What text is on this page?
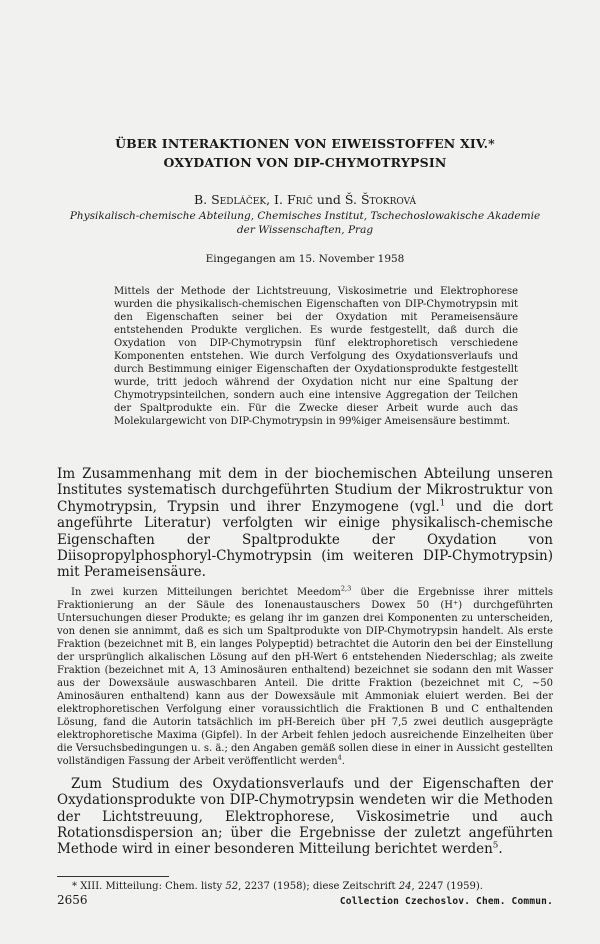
ÜBER INTERAKTIONEN VON EIWEISSTOFFEN XIV.*
OXYDATION VON DIP-CHYMOTRYPSIN
B. Sedláček, I. Frič und Š. Štokrová
Physikalisch-chemische Abteilung, Chemisches Institut, Tschechoslowakische Akademie
der Wissenschaften, Prag
Eingegangen am 15. November 1958
Mittels der Methode der Lichtstreuung, Viskosimetrie und Elektrophorese wurden die physikalisch-chemischen Eigenschaften von DIP-Chymotrypsin mit den Eigenschaften seiner bei der Oxydation mit Perameisensäure entstehenden Produkte verglichen. Es wurde festgestellt, daß durch die Oxydation von DIP-Chymotrypsin fünf elektrophoretisch verschiedene Komponenten entstehen. Wie durch Verfolgung des Oxydationsverlaufs und durch Bestimmung einiger Eigenschaften der Oxydationsprodukte festgestellt wurde, tritt jedoch während der Oxydation nicht nur eine Spaltung der Chymotrypsinteilchen, sondern auch eine intensive Aggregation der Teilchen der Spaltprodukte ein. Für die Zwecke dieser Arbeit wurde auch das Molekulargewicht von DIP-Chymotrypsin in 99%iger Ameisensäure bestimmt.
Im Zusammenhang mit dem in der biochemischen Abteilung unseren Institutes systematisch durchgeführten Studium der Mikrostruktur von Chymotrypsin, Trypsin und ihrer Enzymogene (vgl.$^1$ und die dort angeführte Literatur) verfolgten wir einige physikalisch-chemische Eigenschaften der Spaltprodukte der Oxydation von Diisopropylphosphoryl-Chymotrypsin (im weiteren DIP-Chymotrypsin) mit Perameisensäure.
In zwei kurzen Mitteilungen berichtet Meedom$^{2,3}$ über die Ergebnisse ihrer mittels Fraktionierung an der Säule des Ionenaustauschers Dowex 50 (H⁺) durchgeführten Untersuchungen dieser Produkte; es gelang ihr im ganzen drei Komponenten zu unterscheiden, von denen sie annimmt, daß es sich um Spaltprodukte von DIP-Chymotrypsin handelt. Als erste Fraktion (bezeichnet mit B, ein langes Polypeptid) betrachtet die Autorin den bei der Einstellung der ursprünglich alkalischen Lösung auf den pH-Wert 6 entstehenden Niederschlag; als zweite Fraktion (bezeichnet mit A, 13 Aminosäuren enthaltend) bezeichnet sie sodann den mit Wasser aus der Dowexsäule auswaschbaren Anteil. Die dritte Fraktion (bezeichnet mit C, ~50 Aminosäuren enthaltend) kann aus der Dowexsäule mit Ammoniak eluiert werden. Bei der elektrophoretischen Verfolgung einer voraussichtlich die Fraktionen B und C enthaltenden Lösung, fand die Autorin tatsächlich im pH-Bereich über pH 7,5 zwei deutlich ausgeprägte elektrophoretische Maxima (Gipfel). In der Arbeit fehlen jedoch ausreichende Einzelheiten über die Versuchsbedingungen u. s. ä.; den Angaben gemäß sollen diese in einer in Aussicht gestellten vollständigen Fassung der Arbeit veröffentlicht werden$^4$.
Zum Studium des Oxydationsverlaufs und der Eigenschaften der Oxydationsprodukte von DIP-Chymotrypsin wendeten wir die Methoden der Lichtstreuung, Elektrophorese, Viskosimetrie und auch Rotationsdispersion an; über die Ergebnisse der zuletzt angeführten Methode wird in einer besonderen Mitteilung berichtet werden$^5$.
* XIII. Mitteilung: Chem. listy 52, 2237 (1958); diese Zeitschrift 24, 2247 (1959).
2656	Collection Czechoslov. Chem. Commun.
